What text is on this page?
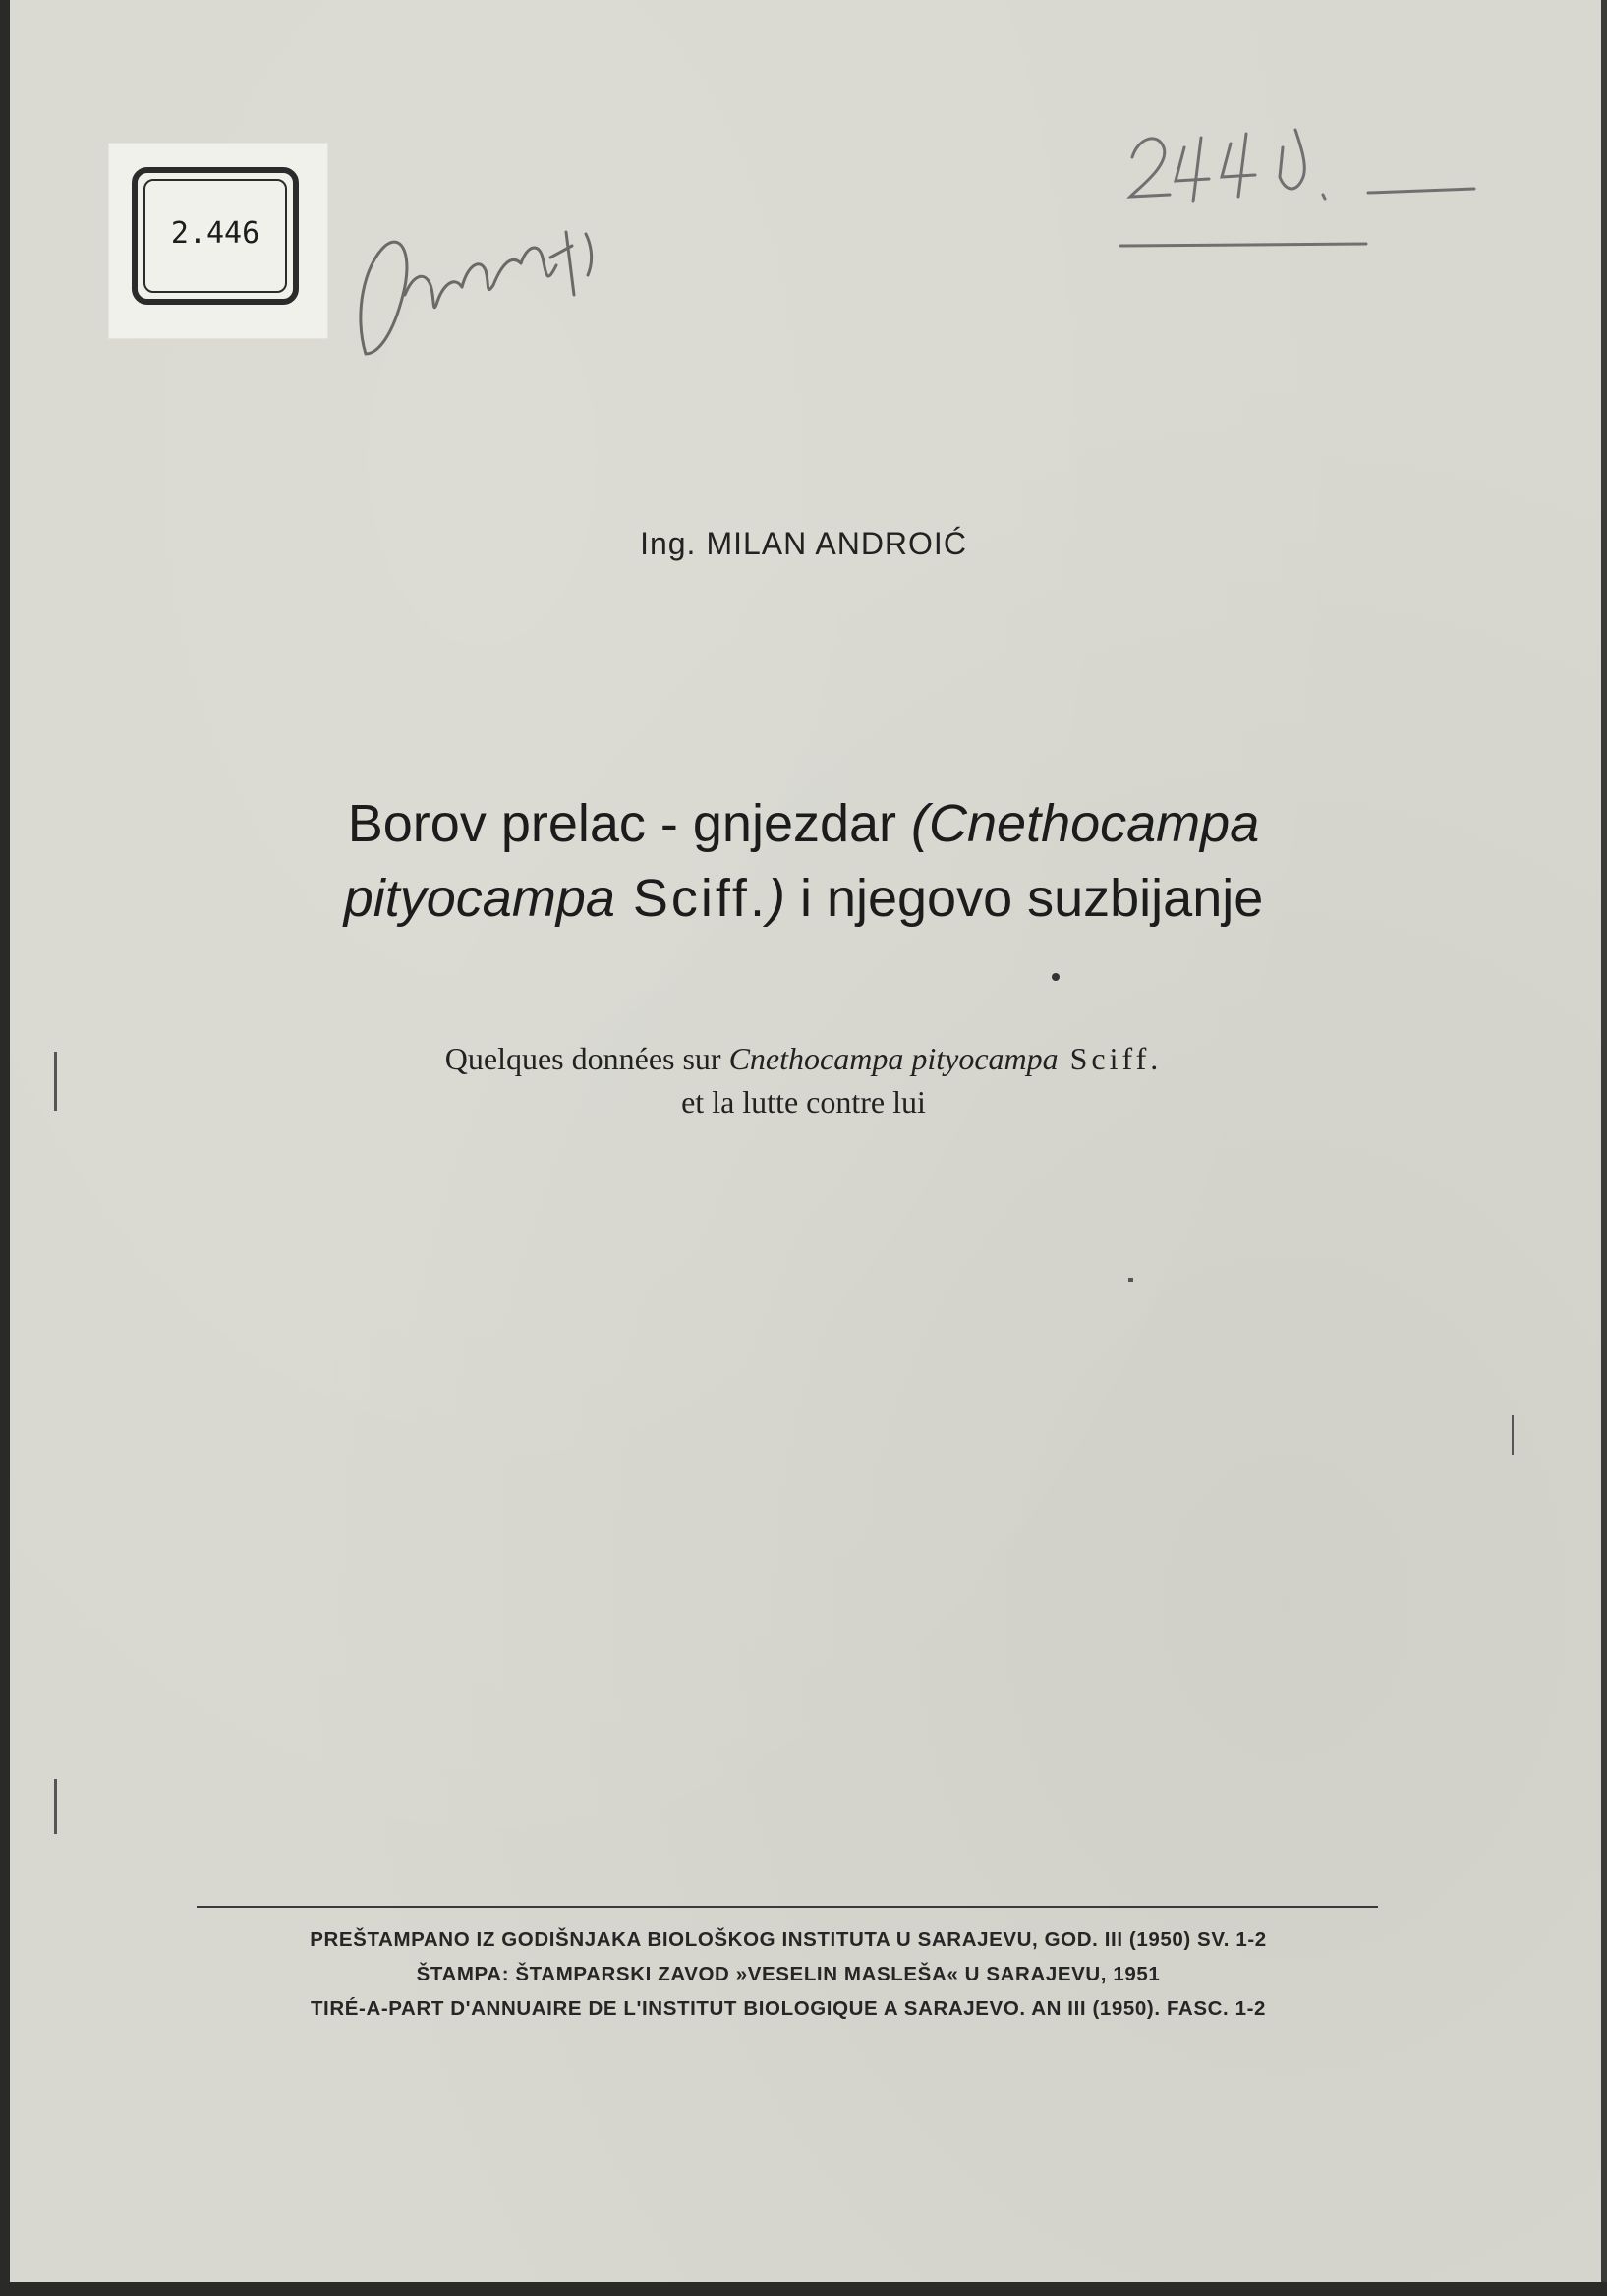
2.446
Ing. MILAN ANDROIĆ
Borov prelac - gnjezdar (Cnethocampa
pityocampa Sciff.) i njegovo suzbijanje
Quelques données sur Cnethocampa pityocampa Sciff.
et la lutte contre lui
PREŠTAMPANO IZ GODIŠNJAKA BIOLOŠKOG INSTITUTA U SARAJEVU, GOD. III (1950) SV. 1-2
ŠTAMPA: ŠTAMPARSKI ZAVOD »VESELIN MASLEŠA« U SARAJEVU, 1951
TIRÉ-A-PART D'ANNUAIRE DE L'INSTITUT BIOLOGIQUE A SARAJEVO. AN III (1950). FASC. 1-2
